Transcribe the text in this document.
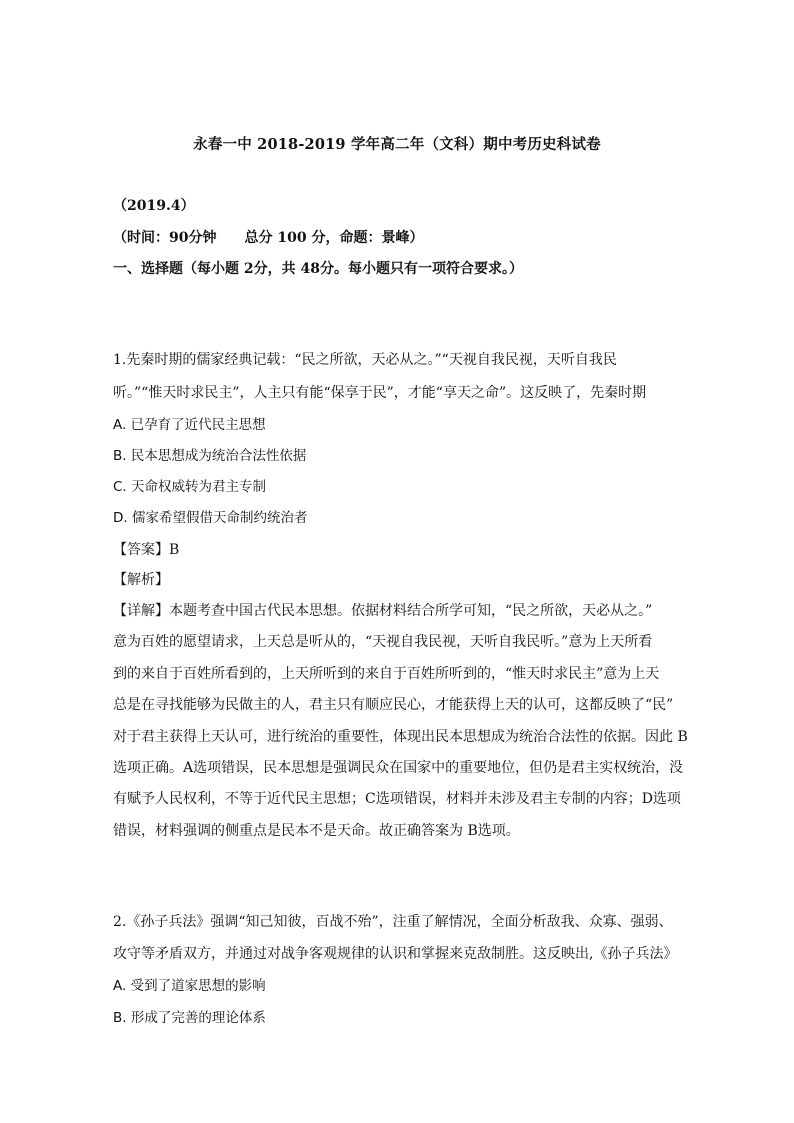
永春一中 2018-2019 学年高二年（文科）期中考历史科试卷
（2019.4）
（时间：90分钟　　总分 100 分，命题：景峰）
一、选择题（每小题 2分，共 48分。每小题只有一项符合要求。）
1.先秦时期的儒家经典记载：“民之所欲，天必从之。”“天视自我民视，天听自我民
听。”“惟天时求民主”，人主只有能“保享于民”，才能“享天之命”。这反映了，先秦时期
A. 已孕育了近代民主思想
B. 民本思想成为统治合法性依据
C. 天命权威转为君主专制
D. 儒家希望假借天命制约统治者
【答案】B
【解析】
【详解】本题考查中国古代民本思想。依据材料结合所学可知，“民之所欲，天必从之。”
意为百姓的愿望请求，上天总是听从的，“天视自我民视，天听自我民听。”意为上天所看
到的来自于百姓所看到的，上天所听到的来自于百姓所听到的，“惟天时求民主”意为上天
总是在寻找能够为民做主的人，君主只有顺应民心，才能获得上天的认可，这都反映了“民”
对于君主获得上天认可，进行统治的重要性，体现出民本思想成为统治合法性的依据。因此 B
选项正确。A选项错误，民本思想是强调民众在国家中的重要地位，但仍是君主实权统治，没
有赋予人民权利，不等于近代民主思想；C选项错误，材料并未涉及君主专制的内容；D选项
错误，材料强调的侧重点是民本不是天命。故正确答案为 B选项。
2.《孙子兵法》强调“知己知彼，百战不殆”，注重了解情况，全面分析敌我、众寡、强弱、
攻守等矛盾双方，并通过对战争客观规律的认识和掌握来克敌制胜。这反映出,《孙子兵法》
A. 受到了道家思想的影响
B. 形成了完善的理论体系
